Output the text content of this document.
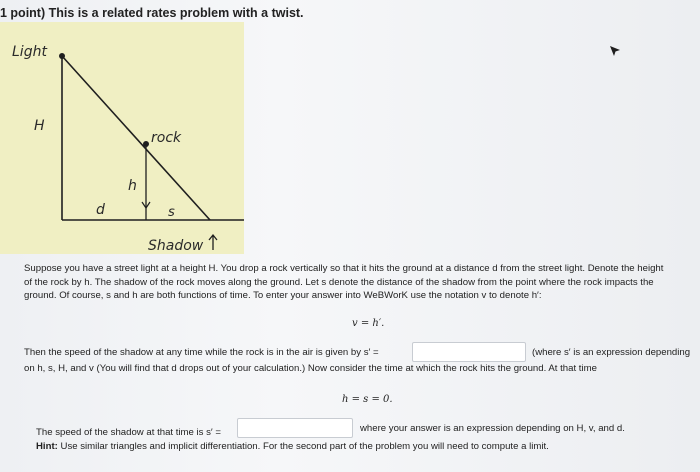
1 point) This is a related rates problem with a twist.
Light
H
rock
h
d	s
Shadow
Suppose you have a street light at a height H. You drop a rock vertically so that it hits the ground at a distance d from the street light. Denote the height
of the rock by h. The shadow of the rock moves along the ground. Let s denote the distance of the shadow from the point where the rock impacts the
ground. Of course, s and h are both functions of time. To enter your answer into WeBWorK use the notation v to denote h′:
v = h′.
Then the speed of the shadow at any time while the rock is in the air is given by s′ =	(where s′ is an expression depending
on h, s, H, and v (You will find that d drops out of your calculation.) Now consider the time at which the rock hits the ground. At that time
h = s = 0.
The speed of the shadow at that time is s′ =	where your answer is an expression depending on H, v, and d.
Hint: Use similar triangles and implicit differentiation. For the second part of the problem you will need to compute a limit.
